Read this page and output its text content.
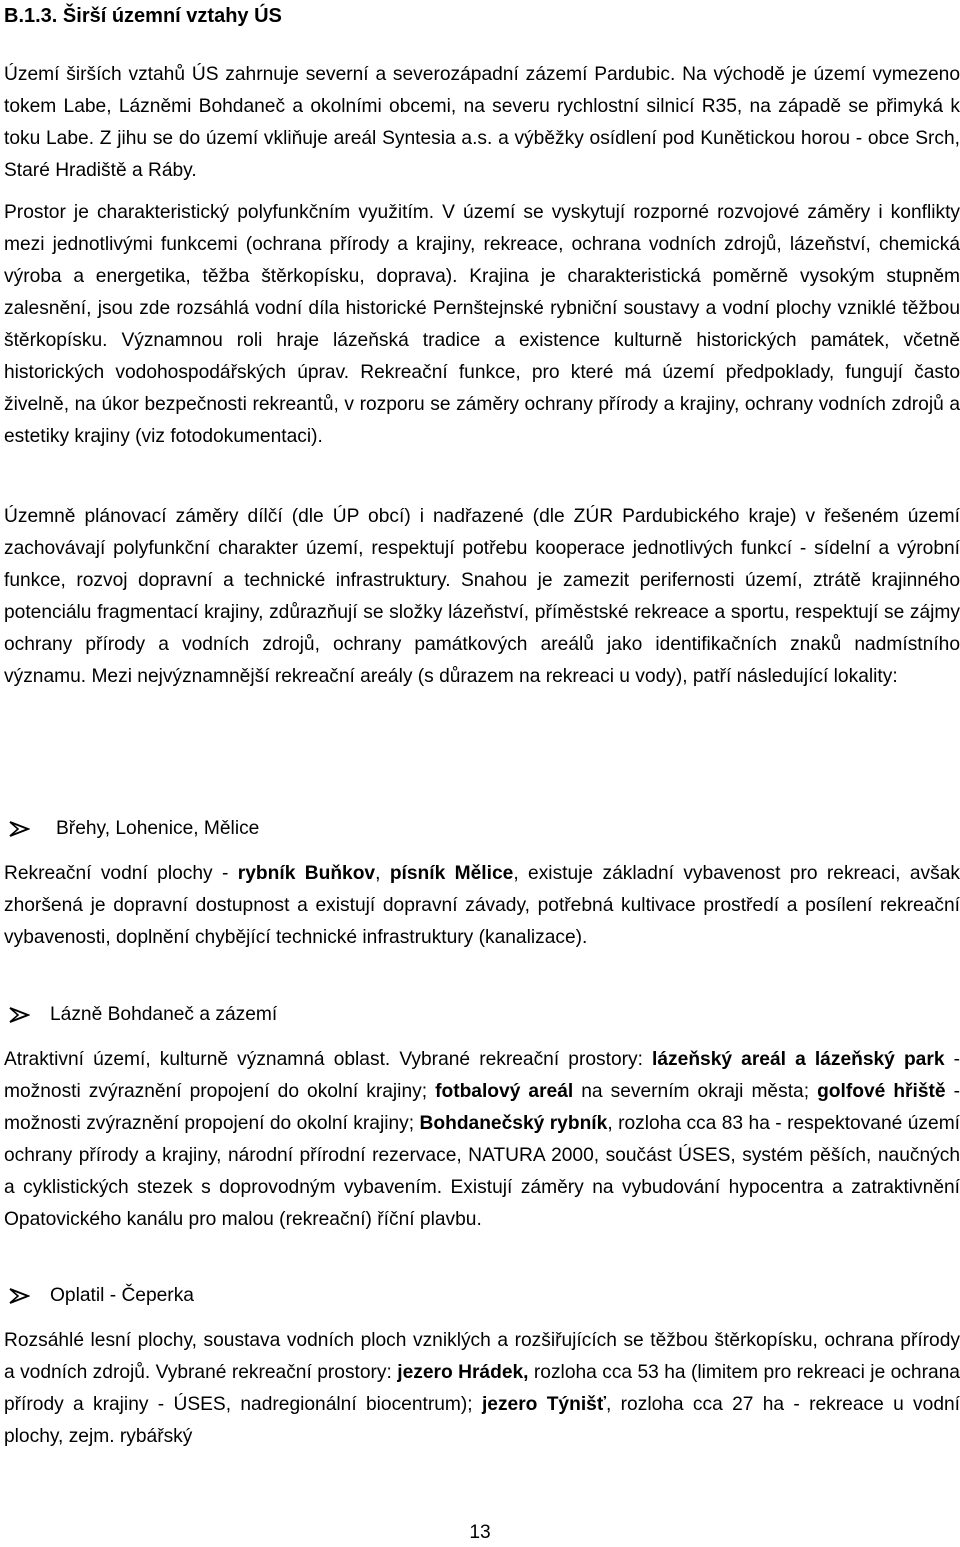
B.1.3. Širší územní vztahy ÚS

Území širších vztahů ÚS zahrnuje severní a severozápadní zázemí Pardubic. Na východě je území vymezeno tokem Labe, Lázněmi Bohdaneč a okolními obcemi, na severu rychlostní silnicí R35, na západě se přimyká k toku Labe. Z jihu se do území vkliňuje areál Syntesia a.s. a výběžky osídlení pod Kunětickou horou - obce Srch, Staré Hradiště a Ráby.

Prostor je charakteristický polyfunkčním využitím. V území se vyskytují rozporné rozvojové záměry i konflikty mezi jednotlivými funkcemi (ochrana přírody a krajiny, rekreace, ochrana vodních zdrojů, lázeňství, chemická výroba a energetika, těžba štěrkopísku, doprava). Krajina je charakteristická poměrně vysokým stupněm zalesnění, jsou zde rozsáhlá vodní díla historické Pernštejnské rybniční soustavy a vodní plochy vzniklé těžbou štěrkopísku. Významnou roli hraje lázeňská tradice a existence kulturně historických památek, včetně historických vodohospodářských úprav. Rekreační funkce, pro které má území předpoklady, fungují často živelně, na úkor bezpečnosti rekreantů, v rozporu se záměry ochrany přírody a krajiny, ochrany vodních zdrojů a estetiky krajiny (viz fotodokumentaci).

Územně plánovací záměry dílčí (dle ÚP obcí) i nadřazené (dle ZÚR Pardubického kraje) v řešeném území zachovávají polyfunkční charakter území, respektují potřebu kooperace jednotlivých funkcí - sídelní a výrobní funkce, rozvoj dopravní a technické infrastruktury. Snahou je zamezit perifernosti území, ztrátě krajinného potenciálu fragmentací krajiny, zdůrazňují se složky lázeňství, příměstské rekreace a sportu, respektují se zájmy ochrany přírody a vodních zdrojů, ochrany památkových areálů jako identifikačních znaků nadmístního významu. Mezi nejvýznamnější rekreační areály (s důrazem na rekreaci u vody), patří následující lokality:

Břehy, Lohenice, Mělice

Rekreační vodní plochy - rybník Buňkov, písník Mělice, existuje základní vybavenost pro rekreaci, avšak zhoršená je dopravní dostupnost a existují dopravní závady, potřebná kultivace prostředí a posílení rekreační vybavenosti, doplnění chybějící technické infrastruktury (kanalizace).

Lázně Bohdaneč a zázemí

Atraktivní území, kulturně významná oblast. Vybrané rekreační prostory: lázeňský areál a lázeňský park - možnosti zvýraznění propojení do okolní krajiny; fotbalový areál na severním okraji města; golfové hřiště - možnosti zvýraznění propojení do okolní krajiny; Bohdanečský rybník, rozloha cca 83 ha - respektované území ochrany přírody a krajiny, národní přírodní rezervace, NATURA 2000, součást ÚSES, systém pěších, naučných a cyklistických stezek s doprovodným vybavením. Existují záměry na vybudování hypocentra a zatraktivnění Opatovického kanálu pro malou (rekreační) říční plavbu.

Oplatil - Čeperka

Rozsáhlé lesní plochy, soustava vodních ploch vzniklých a rozšiřujících se těžbou štěrkopísku, ochrana přírody a vodních zdrojů. Vybrané rekreační prostory: jezero Hrádek, rozloha cca 53 ha (limitem pro rekreaci je ochrana přírody a krajiny - ÚSES, nadregionální biocentrum); jezero Týnišť, rozloha cca 27 ha - rekreace u vodní plochy, zejm. rybářský

13
